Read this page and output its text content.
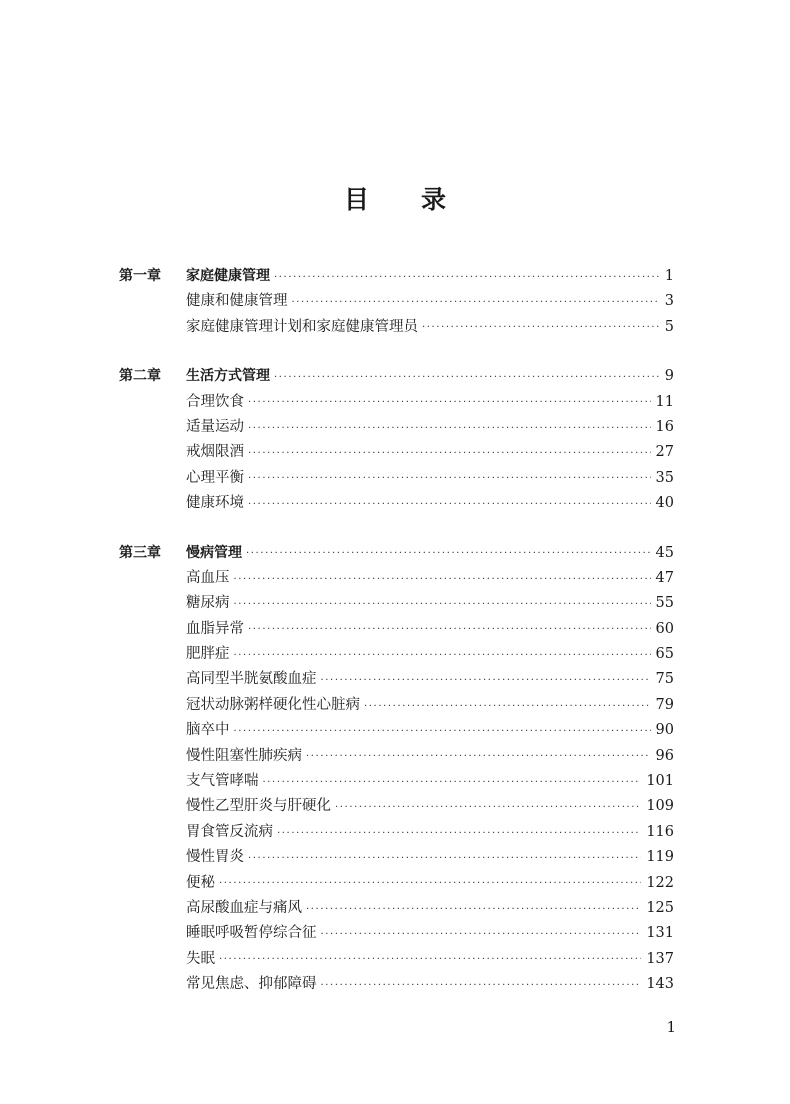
目录
第一章 家庭健康管理 ·····	1
健康和健康管理 ·····	3
家庭健康管理计划和家庭健康管理员 ·····	5
第二章 生活方式管理 ·····	9
合理饮食 ·····	11
适量运动 ·····	16
戒烟限酒 ·····	27
心理平衡 ·····	35
健康环境 ·····	40
第三章 慢病管理 ·····	45
高血压 ·····	47
糖尿病 ·····	55
血脂异常 ·····	60
肥胖症 ·····	65
高同型半胱氨酸血症 ·····	75
冠状动脉粥样硬化性心脏病 ·····	79
脑卒中 ·····	90
慢性阻塞性肺疾病 ·····	96
支气管哮喘 ·····	101
慢性乙型肝炎与肝硬化 ·····	109
胃食管反流病 ·····	116
慢性胃炎 ·····	119
便秘 ·····	122
高尿酸血症与痛风 ·····	125
睡眠呼吸暂停综合征 ·····	131
失眠 ·····	137
常见焦虑、抑郁障碍 ·····	143
1
